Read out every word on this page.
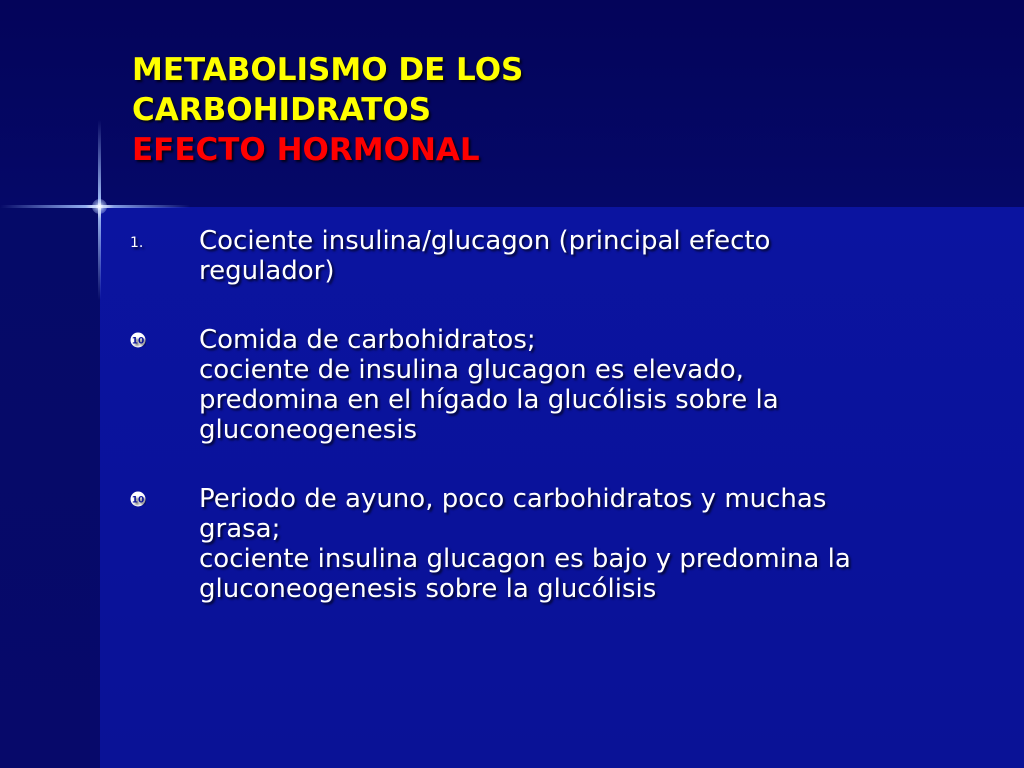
METABOLISMO DE LOS
CARBOHIDRATOS
EFECTO HORMONAL
1. Cociente insulina/glucagon (principal efecto
regulador)
10 Comida de carbohidratos;
cociente de insulina glucagon es elevado,
predomina en el hígado la glucólisis sobre la
gluconeogenesis
10 Periodo de ayuno, poco carbohidratos y muchas
grasa;
cociente insulina glucagon es bajo y predomina la
gluconeogenesis sobre la glucólisis
